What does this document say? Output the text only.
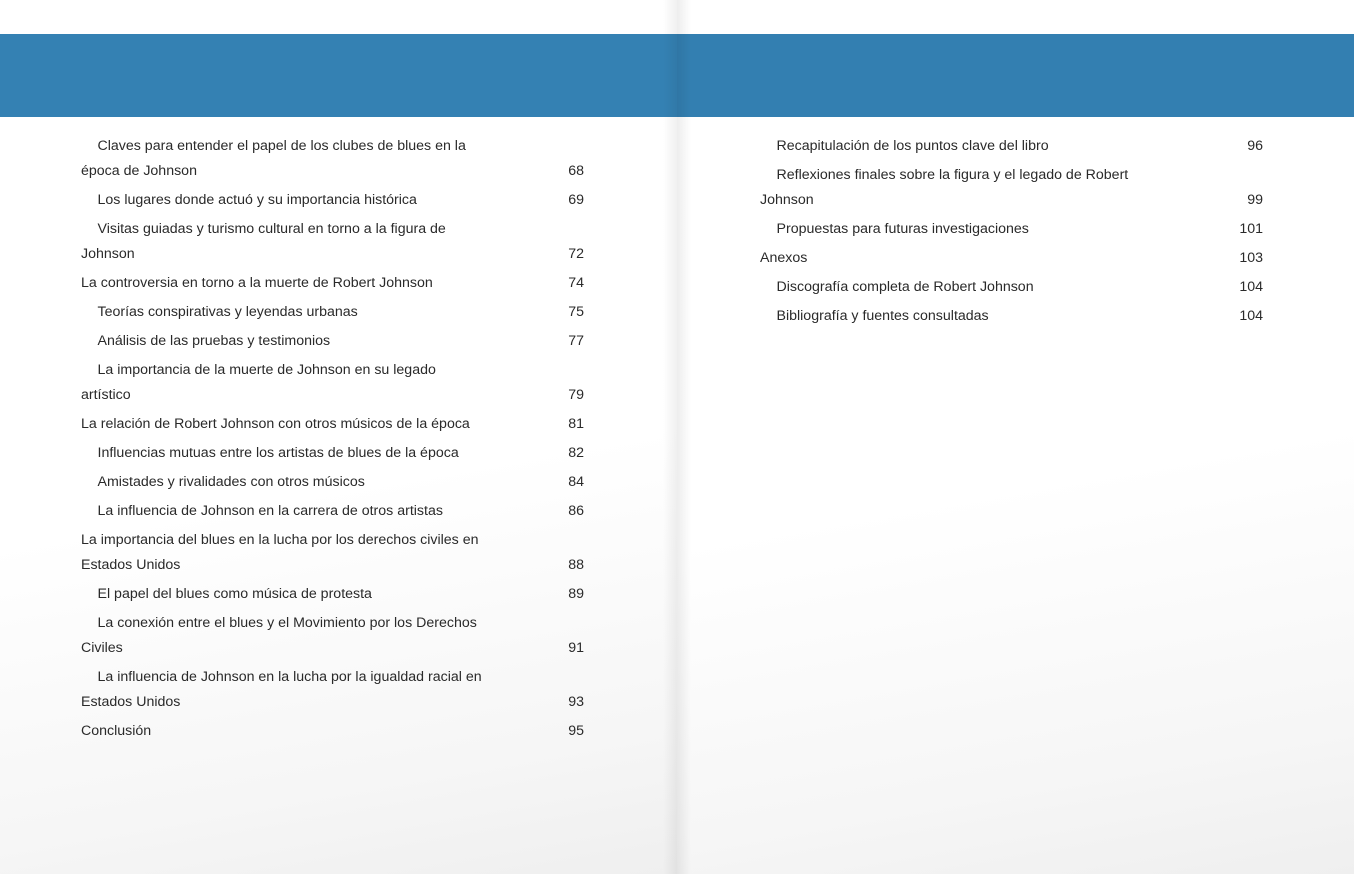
Claves para entender el papel de los clubes de blues en la época de Johnson	68
Los lugares donde actuó y su importancia histórica	69
Visitas guiadas y turismo cultural en torno a la figura de Johnson	72
La controversia en torno a la muerte de Robert Johnson	74
Teorías conspirativas y leyendas urbanas	75
Análisis de las pruebas y testimonios	77
La importancia de la muerte de Johnson en su legado artístico	79
La relación de Robert Johnson con otros músicos de la época	81
Influencias mutuas entre los artistas de blues de la época	82
Amistades y rivalidades con otros músicos	84
La influencia de Johnson en la carrera de otros artistas	86
La importancia del blues en la lucha por los derechos civiles en Estados Unidos	88
El papel del blues como música de protesta	89
La conexión entre el blues y el Movimiento por los Derechos Civiles	91
La influencia de Johnson en la lucha por la igualdad racial en Estados Unidos	93
Conclusión	95
Recapitulación de los puntos clave del libro	96
Reflexiones finales sobre la figura y el legado de Robert Johnson	99
Propuestas para futuras investigaciones	101
Anexos	103
Discografía completa de Robert Johnson	104
Bibliografía y fuentes consultadas	104
